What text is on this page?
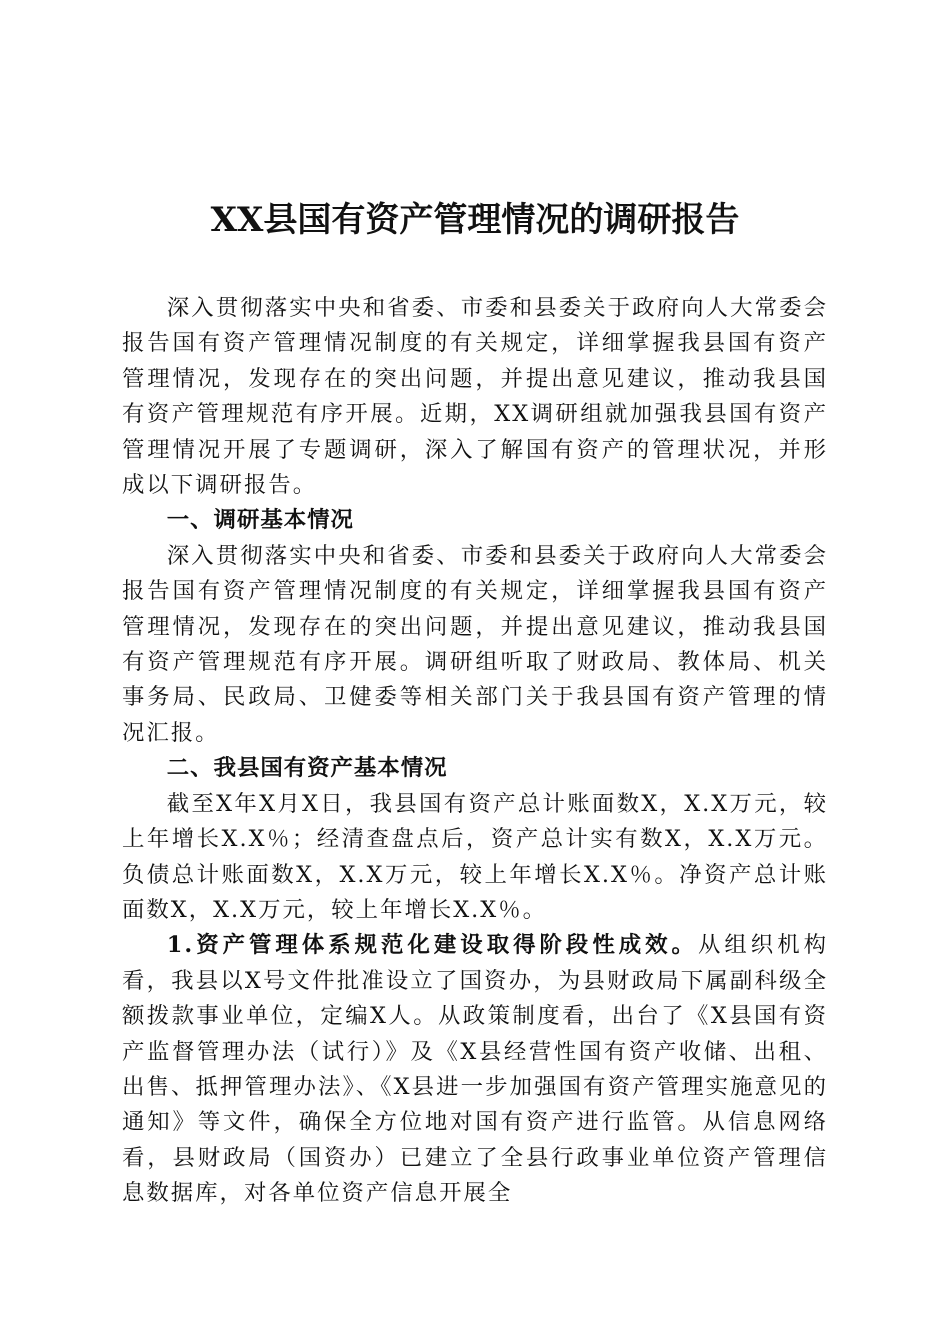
XX县国有资产管理情况的调研报告

深入贯彻落实中央和省委、市委和县委关于政府向人大常委会报告国有资产管理情况制度的有关规定，详细掌握我县国有资产管理情况，发现存在的突出问题，并提出意见建议，推动我县国有资产管理规范有序开展。近期，XX调研组就加强我县国有资产管理情况开展了专题调研，深入了解国有资产的管理状况，并形成以下调研报告。

一、调研基本情况

深入贯彻落实中央和省委、市委和县委关于政府向人大常委会报告国有资产管理情况制度的有关规定，详细掌握我县国有资产管理情况，发现存在的突出问题，并提出意见建议，推动我县国有资产管理规范有序开展。调研组听取了财政局、教体局、机关事务局、民政局、卫健委等相关部门关于我县国有资产管理的情况汇报。

二、我县国有资产基本情况

截至X年X月X日，我县国有资产总计账面数X，X.X万元，较上年增长X.X％；经清查盘点后，资产总计实有数X，X.X万元。负债总计账面数X，X.X万元，较上年增长X.X％。净资产总计账面数X，X.X万元，较上年增长X.X％。

1.资产管理体系规范化建设取得阶段性成效。从组织机构看，我县以X号文件批准设立了国资办，为县财政局下属副科级全额拨款事业单位，定编X人。从政策制度看，出台了《X县国有资产监督管理办法（试行）》及《X县经营性国有资产收储、出租、出售、抵押管理办法》、《X县进一步加强国有资产管理实施意见的通知》等文件，确保全方位地对国有资产进行监管。从信息网络看，县财政局（国资办）已建立了全县行政事业单位资产管理信息数据库，对各单位资产信息开展全
